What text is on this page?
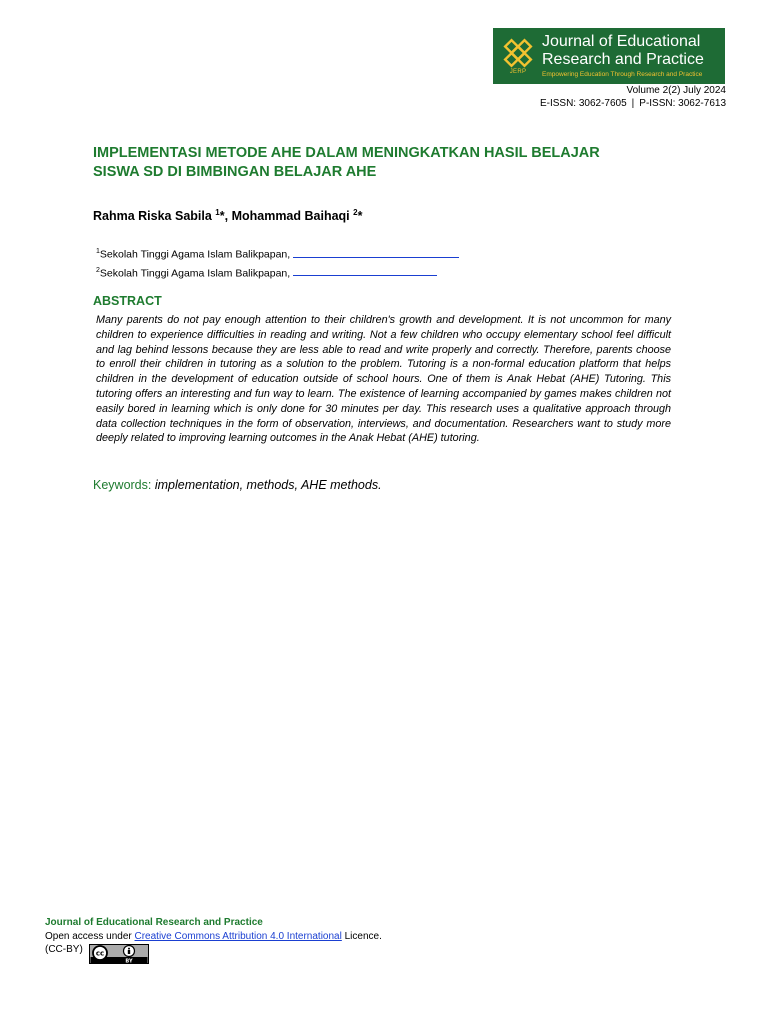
JERP
Journal of Educational
Research and Practice
Empowering Education Through Research and Practice
Volume 2(2) July 2024
E-ISSN: 3062-7605 | P-ISSN: 3062-7613
IMPLEMENTASI METODE AHE DALAM MENINGKATKAN HASIL BELAJAR
SISWA SD DI BIMBINGAN BELAJAR AHE
Rahma Riska Sabila $^1$*, Mohammad Baihaqi $^2$*
$^1$Sekolah Tinggi Agama Islam Balikpapan,
$^2$Sekolah Tinggi Agama Islam Balikpapan,
ABSTRACT
Many parents do not pay enough attention to their children's growth and development. It is not uncommon for many children to experience difficulties in reading and writing. Not a few children who occupy elementary school feel difficult and lag behind lessons because they are less able to read and write properly and correctly. Therefore, parents choose to enroll their children in tutoring as a solution to the problem. Tutoring is a non-formal education platform that helps children in the development of education outside of school hours. One of them is Anak Hebat (AHE) Tutoring. This tutoring offers an interesting and fun way to learn. The existence of learning accompanied by games makes children not easily bored in learning which is only done for 30 minutes per day. This research uses a qualitative approach through data collection techniques in the form of observation, interviews, and documentation. Researchers want to study more deeply related to improving learning outcomes in the Anak Hebat (AHE) tutoring.
Keywords: implementation, methods, AHE methods.
Journal of Educational Research and Practice
Open access under Creative Commons Attribution 4.0 International Licence.
(CC-BY) cc
BY
